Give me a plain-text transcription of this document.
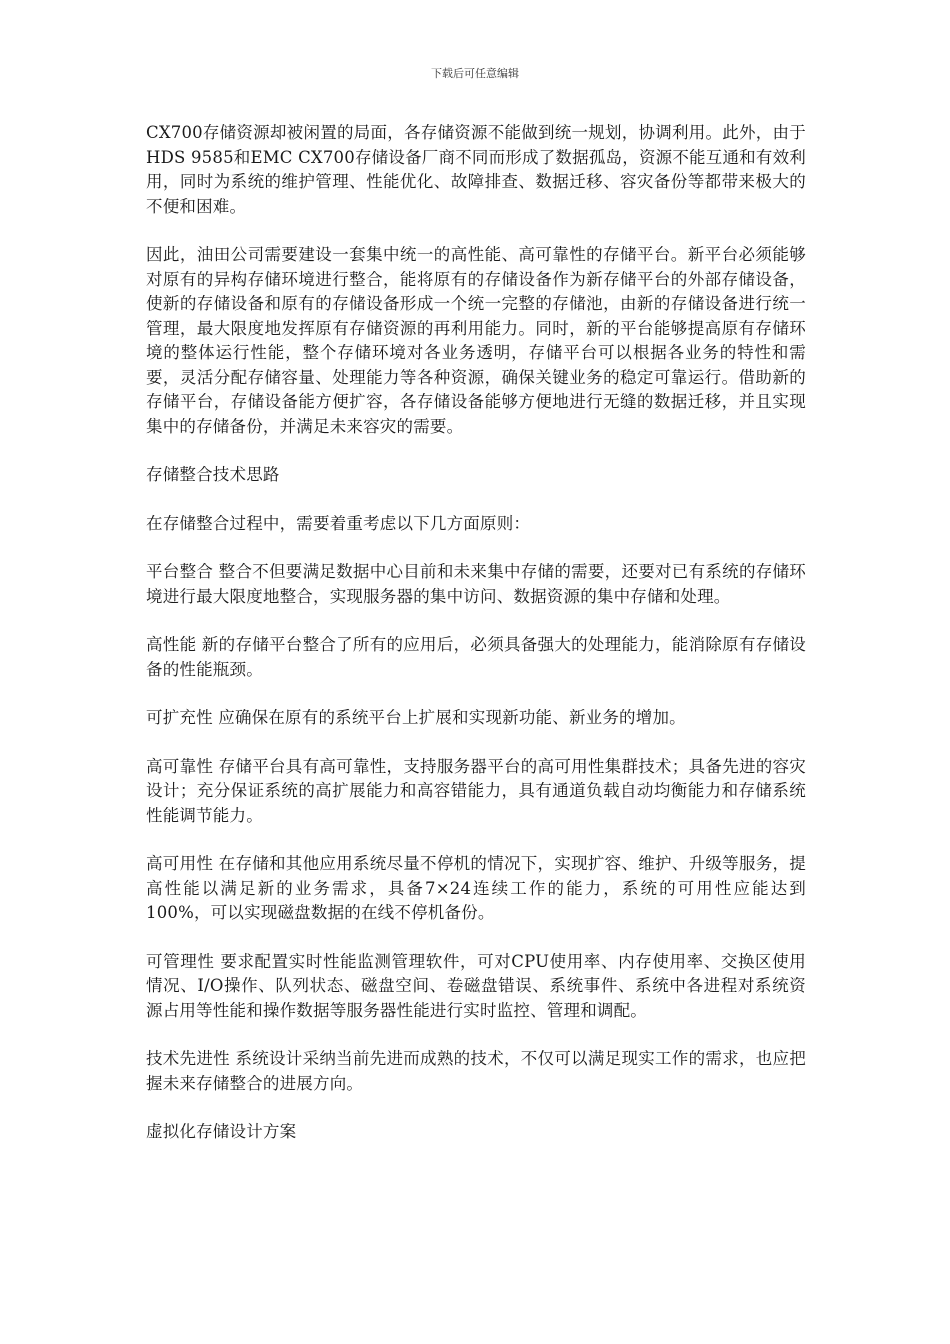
下载后可任意编辑

CX700存储资源却被闲置的局面，各存储资源不能做到统一规划，协调利用。此外，由于HDS 9585和EMC CX700存储设备厂商不同而形成了数据孤岛，资源不能互通和有效利用，同时为系统的维护管理、性能优化、故障排查、数据迁移、容灾备份等都带来极大的不便和困难。

因此，油田公司需要建设一套集中统一的高性能、高可靠性的存储平台。新平台必须能够对原有的异构存储环境进行整合，能将原有的存储设备作为新存储平台的外部存储设备，使新的存储设备和原有的存储设备形成一个统一完整的存储池，由新的存储设备进行统一管理，最大限度地发挥原有存储资源的再利用能力。同时，新的平台能够提高原有存储环境的整体运行性能，整个存储环境对各业务透明，存储平台可以根据各业务的特性和需要，灵活分配存储容量、处理能力等各种资源，确保关键业务的稳定可靠运行。借助新的存储平台，存储设备能方便扩容，各存储设备能够方便地进行无缝的数据迁移，并且实现集中的存储备份，并满足未来容灾的需要。

存储整合技术思路

在存储整合过程中，需要着重考虑以下几方面原则：

平台整合 整合不但要满足数据中心目前和未来集中存储的需要，还要对已有系统的存储环境进行最大限度地整合，实现服务器的集中访问、数据资源的集中存储和处理。

高性能 新的存储平台整合了所有的应用后，必须具备强大的处理能力，能消除原有存储设备的性能瓶颈。

可扩充性 应确保在原有的系统平台上扩展和实现新功能、新业务的增加。

高可靠性 存储平台具有高可靠性，支持服务器平台的高可用性集群技术；具备先进的容灾设计；充分保证系统的高扩展能力和高容错能力，具有通道负载自动均衡能力和存储系统性能调节能力。

高可用性 在存储和其他应用系统尽量不停机的情况下，实现扩容、维护、升级等服务，提高性能以满足新的业务需求，具备7×24连续工作的能力，系统的可用性应能达到100%，可以实现磁盘数据的在线不停机备份。

可管理性 要求配置实时性能监测管理软件，可对CPU使用率、内存使用率、交换区使用情况、I/O操作、队列状态、磁盘空间、卷磁盘错误、系统事件、系统中各进程对系统资源占用等性能和操作数据等服务器性能进行实时监控、管理和调配。

技术先进性 系统设计采纳当前先进而成熟的技术，不仅可以满足现实工作的需求，也应把握未来存储整合的进展方向。

虚拟化存储设计方案
